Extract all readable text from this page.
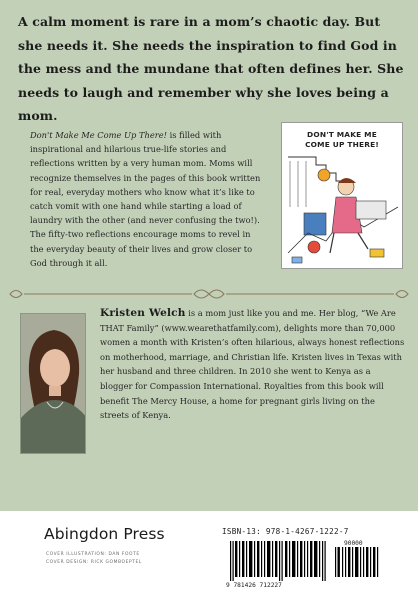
A calm moment is rare in a mom’s chaotic day. But she needs it. She needs the inspiration to find God in the mess and the mundane that often defines her. She needs to laugh and remember why she loves being a mom.

Don't Make Me Come Up There! is filled with inspirational and hilarious true-life stories and reflections written by a very human mom. Moms will recognize themselves in the pages of this book written for real, everyday mothers who know what it’s like to catch vomit with one hand while starting a load of laundry with the other (and never confusing the two!). The fifty-two reflections encourage moms to revel in the everyday beauty of their lives and grow closer to God through it all.

DON'T MAKE ME
COME UP THERE!

Kristen Welch is a mom just like you and me. Her blog, “We Are THAT Family” (www.wearethatfamily.com), delights more than 70,000 women a month with Kristen’s often hilarious, always honest reflections on motherhood, marriage, and Christian life. Kristen lives in Texas with her husband and three children. In 2010 she went to Kenya as a blogger for Compassion International. Royalties from this book will benefit The Mercy House, a home for pregnant girls living on the streets of Kenya.

Abingdon Press
COVER ILLUSTRATION: DAN FOOTE
COVER DESIGN: RICK GOMBOEPTEL
ISBN-13: 978-1-4267-1222-7
90000
9 781426 712227
